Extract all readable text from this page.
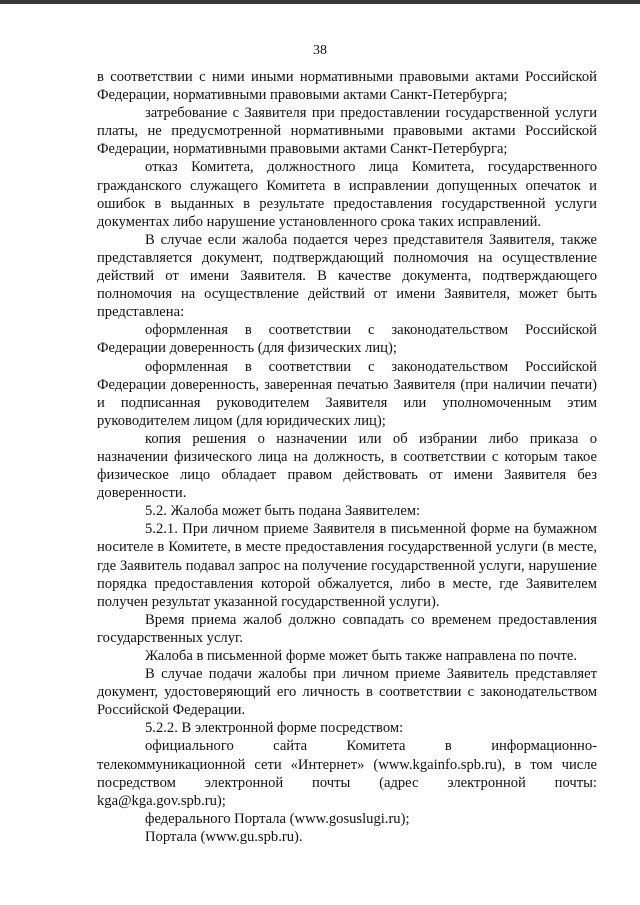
38

в соответствии с ними иными нормативными правовыми актами Российской Федерации, нормативными правовыми актами Санкт-Петербурга;

затребование с Заявителя при предоставлении государственной услуги платы, не предусмотренной нормативными правовыми актами Российской Федерации, нормативными правовыми актами Санкт-Петербурга;

отказ Комитета, должностного лица Комитета, государственного гражданского служащего Комитета в исправлении допущенных опечаток и ошибок в выданных в результате предоставления государственной услуги документах либо нарушение установленного срока таких исправлений.

В случае если жалоба подается через представителя Заявителя, также представляется документ, подтверждающий полномочия на осуществление действий от имени Заявителя. В качестве документа, подтверждающего полномочия на осуществление действий от имени Заявителя, может быть представлена:

оформленная в соответствии с законодательством Российской Федерации доверенность (для физических лиц);

оформленная в соответствии с законодательством Российской Федерации доверенность, заверенная печатью Заявителя (при наличии печати) и подписанная руководителем Заявителя или уполномоченным этим руководителем лицом (для юридических лиц);

копия решения о назначении или об избрании либо приказа о назначении физического лица на должность, в соответствии с которым такое физическое лицо обладает правом действовать от имени Заявителя без доверенности.

5.2. Жалоба может быть подана Заявителем:

5.2.1. При личном приеме Заявителя в письменной форме на бумажном носителе в Комитете, в месте предоставления государственной услуги (в месте, где Заявитель подавал запрос на получение государственной услуги, нарушение порядка предоставления которой обжалуется, либо в месте, где Заявителем получен результат указанной государственной услуги).

Время приема жалоб должно совпадать со временем предоставления государственных услуг.

Жалоба в письменной форме может быть также направлена по почте.

В случае подачи жалобы при личном приеме Заявитель представляет документ, удостоверяющий его личность в соответствии с законодательством Российской Федерации.

5.2.2. В электронной форме посредством:

официального сайта Комитета в информационно-телекоммуникационной сети «Интернет» (www.kgainfo.spb.ru), в том числе посредством электронной почты (адрес электронной почты: kga@kga.gov.spb.ru);

федерального Портала (www.gosuslugi.ru);

Портала (www.gu.spb.ru).
